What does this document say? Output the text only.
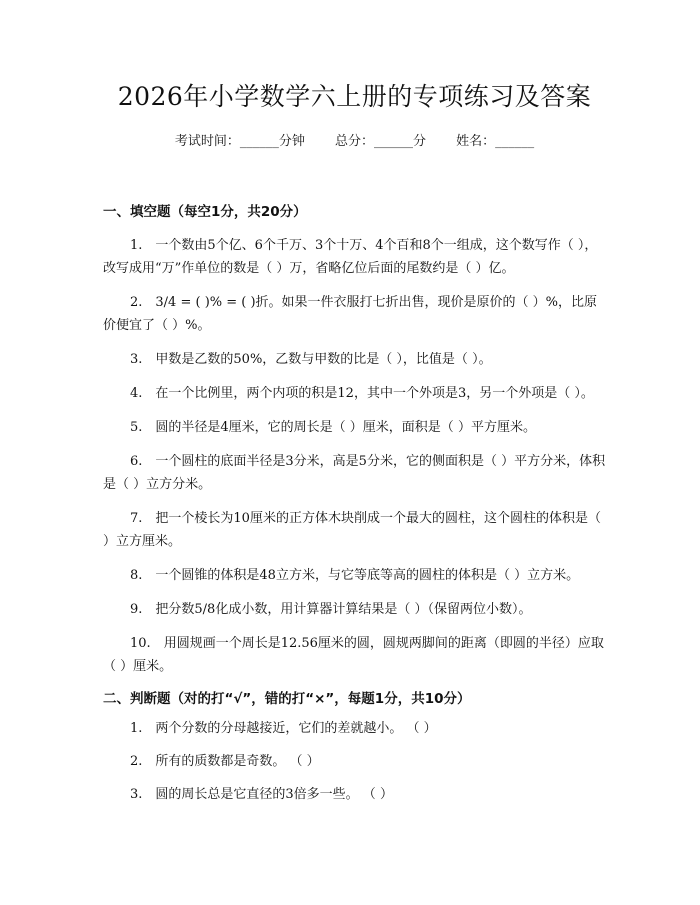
2026年小学数学六上册的专项练习及答案
考试时间：______分钟 总分：______分 姓名：______

一、填空题（每空1分，共20分）

1. 一个数由5个亿、6个千万、3个十万、4个百和8个一组成，这个数写作（ ），改写成用“万”作单位的数是（ ）万，省略亿位后面的尾数约是（ ）亿。

2. 3/4 = ( )% = ( )折。如果一件衣服打七折出售，现价是原价的（ ）%，比原价便宜了（ ）%。

3. 甲数是乙数的50%，乙数与甲数的比是（ ），比值是（ ）。

4. 在一个比例里，两个内项的积是12，其中一个外项是3，另一个外项是（ ）。

5. 圆的半径是4厘米，它的周长是（ ）厘米，面积是（ ）平方厘米。

6. 一个圆柱的底面半径是3分米，高是5分米，它的侧面积是（ ）平方分米，体积是（ ）立方分米。

7. 把一个棱长为10厘米的正方体木块削成一个最大的圆柱，这个圆柱的体积是（ ）立方厘米。

8. 一个圆锥的体积是48立方米，与它等底等高的圆柱的体积是（ ）立方米。

9. 把分数5/8化成小数，用计算器计算结果是（ ）（保留两位小数）。

10. 用圆规画一个周长是12.56厘米的圆，圆规两脚间的距离（即圆的半径）应取（ ）厘米。

二、判断题（对的打“√”，错的打“×”，每题1分，共10分）

1. 两个分数的分母越接近，它们的差就越小。 （ ）

2. 所有的质数都是奇数。 （ ）

3. 圆的周长总是它直径的3倍多一些。 （ ）
